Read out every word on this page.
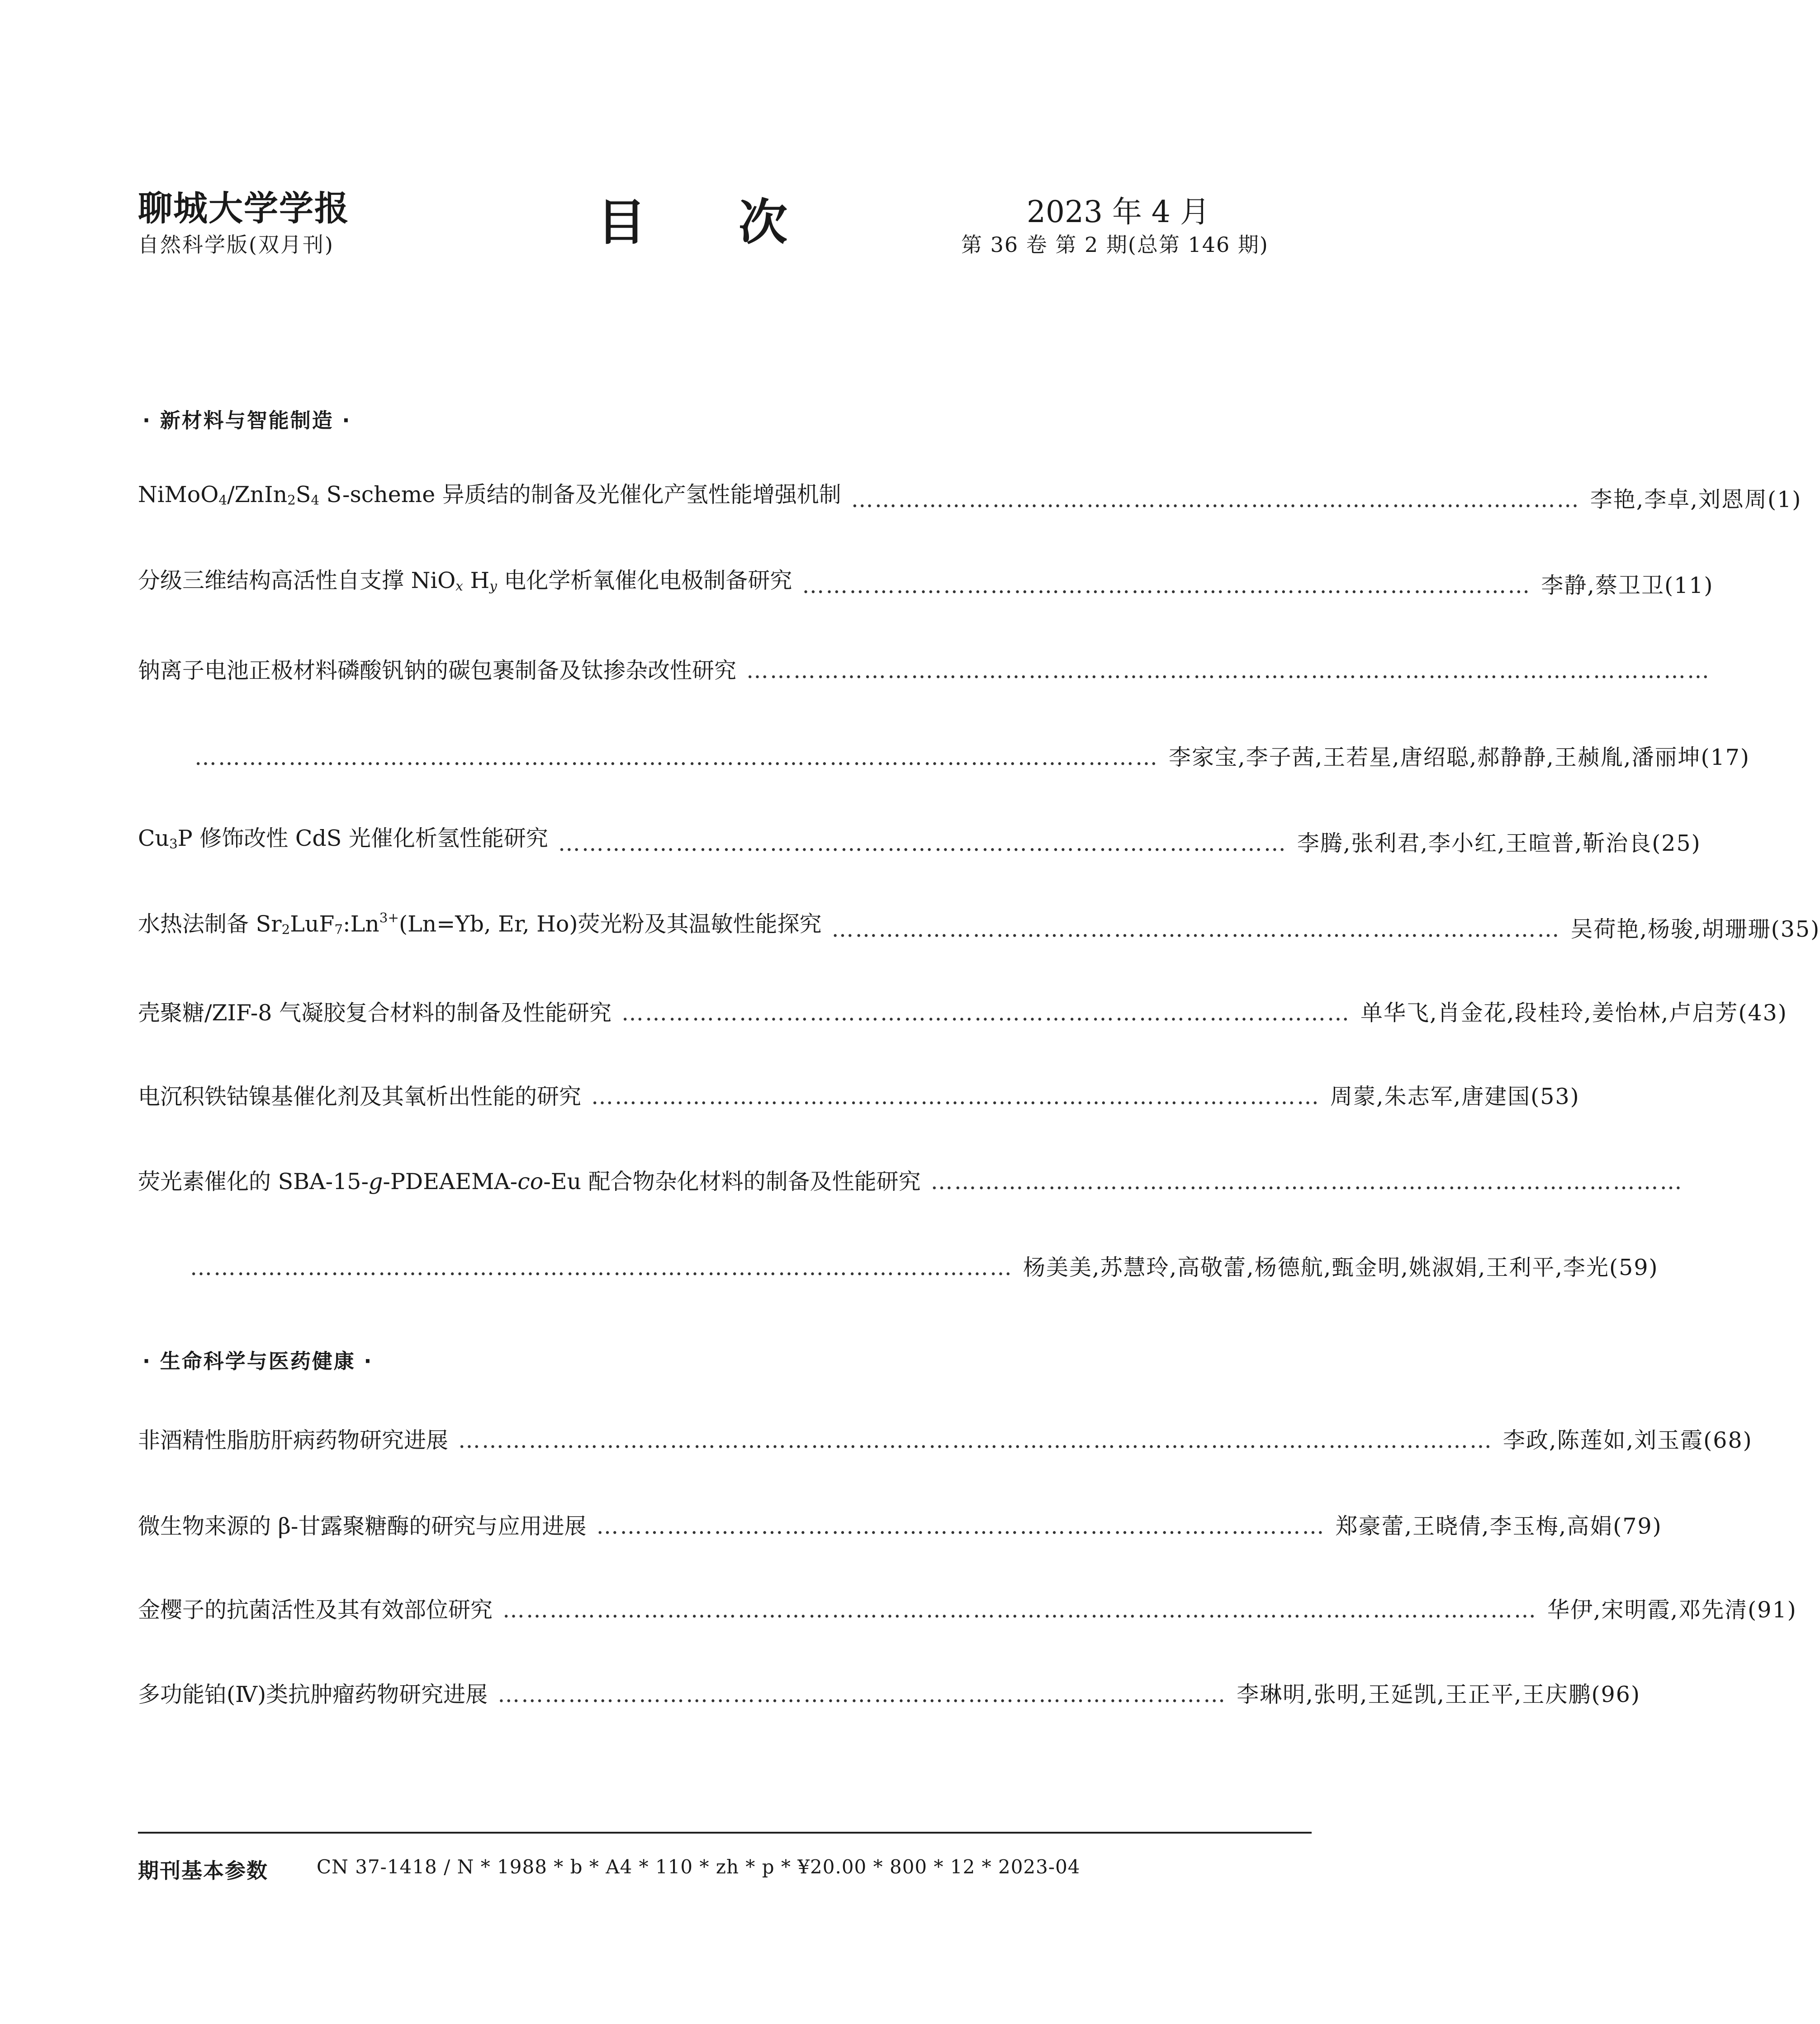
聊城大学学报
自然科学版(双月刊)	目 次	2023 年 4 月
第 36 卷 第 2 期(总第 146 期)
· 新材料与智能制造 ·
$NiMoO_4/ZnIn_2S_4$ S-scheme 异质结的制备及光催化产氢性能增强机制 ………………………………………………………………………………… 李艳,李卓,刘恩周(1)
分级三维结构高活性自支撑 NiO$_x$ $H_y$ 电化学析氧催化电极制备研究 ………………………………………………………………………………… 李静,蔡卫卫(11)
钠离子电池正极材料磷酸钒钠的碳包裹制备及钛掺杂改性研究 ……………………………………………………………………………………………………………
…………………………………………………………………………………………………………… 李家宝,李子茜,王若星,唐绍聪,郝静静,王赪胤,潘丽坤(17)
$Cu_3P$ 修饰改性 CdS 光催化析氢性能研究 ………………………………………………………………………………… 李腾,张利君,李小红,王暄普,靳治良(25)
水热法制备 $Sr_2LuF_7:Ln^{3+}(Ln=Yb$, Er, Ho)荧光粉及其温敏性能探究 ………………………………………………………………………………… 吴荷艳,杨骏,胡珊珊(35)
壳聚糖/ZIF-8 气凝胶复合材料的制备及性能研究 ………………………………………………………………………………… 单华飞,肖金花,段桂玲,姜怡林,卢启芳(43)
电沉积铁钴镍基催化剂及其氧析出性能的研究 ………………………………………………………………………………… 周蒙,朱志军,唐建国(53)
荧光素催化的 SBA-15-g-PDEAEMA-co-Eu 配合物杂化材料的制备及性能研究 ……………………………………………………………………………………
…………………………………………………………………………………………… 杨美美,苏慧玲,高敬蕾,杨德航,甄金明,姚淑娟,王利平,李光(59)
· 生命科学与医药健康 ·
非酒精性脂肪肝病药物研究进展 …………………………………………………………………………………………………………………… 李政,陈莲如,刘玉霞(68)
微生物来源的 β-甘露聚糖酶的研究与应用进展 ………………………………………………………………………………… 郑豪蕾,王晓倩,李玉梅,高娟(79)
金樱子的抗菌活性及其有效部位研究 …………………………………………………………………………………………………………………… 华伊,宋明霞,邓先清(91)
多功能铂(Ⅳ)类抗肿瘤药物研究进展 ………………………………………………………………………………… 李琳明,张明,王延凯,王正平,王庆鹏(96)
期刊基本参数	CN 37-1418 / N * 1988 * b * A4 * 110 * zh * p * ¥20.00 * 800 * 12 * 2023-04
